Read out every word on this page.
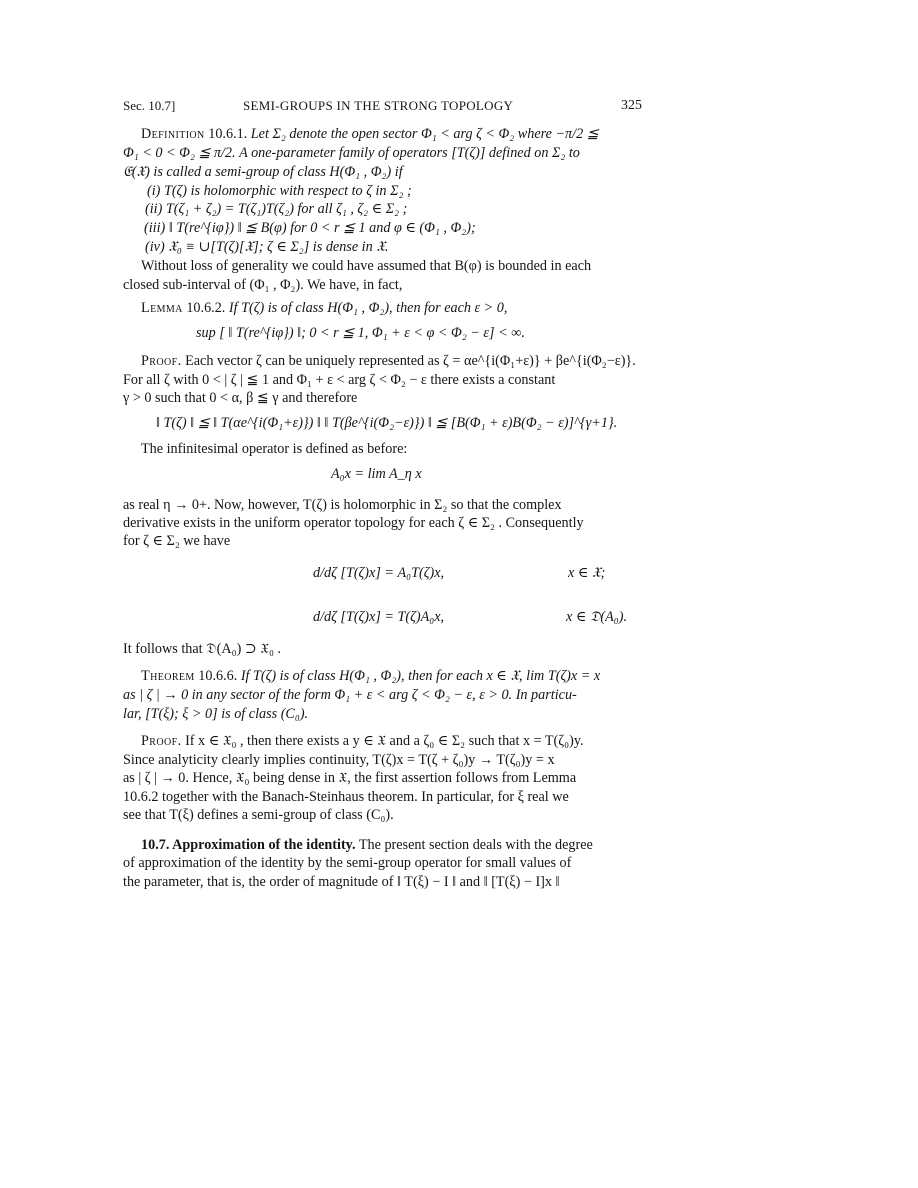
Sec. 10.7]	SEMI-GROUPS IN THE STRONG TOPOLOGY	325
Definition 10.6.1. Let Σ₂ denote the open sector Φ₁ < arg ζ < Φ₂ where −π/2 ≦
Φ₁ < 0 < Φ₂ ≦ π/2. A one-parameter family of operators [T(ζ)] defined on Σ₂ to
𝔈(𝔛) is called a semi-group of class H(Φ₁ , Φ₂) if
(i) T(ζ) is holomorphic with respect to ζ in Σ₂ ;
(ii) T(ζ₁ + ζ₂) = T(ζ₁)T(ζ₂) for all ζ₁ , ζ₂ ∈ Σ₂ ;
(iii) ‖ T(re^{iφ}) ‖ ≦ B(φ) for 0 < r ≦ 1 and φ ∈ (Φ₁ , Φ₂);
(iv) 𝔛₀ ≡ ∪[T(ζ)[𝔛]; ζ ∈ Σ₂] is dense in 𝔛.
Without loss of generality we could have assumed that B(φ) is bounded in each
closed sub-interval of (Φ₁ , Φ₂). We have, in fact,
Lemma 10.6.2. If T(ζ) is of class H(Φ₁ , Φ₂), then for each ε > 0,
sup [ ‖ T(re^{iφ}) ‖; 0 < r ≦ 1, Φ₁ + ε < φ < Φ₂ − ε] < ∞.
Proof. Each vector ζ can be uniquely represented as ζ = αe^{i(Φ₁+ε)} + βe^{i(Φ₂−ε)}.
For all ζ with 0 < | ζ | ≦ 1 and Φ₁ + ε < arg ζ < Φ₂ − ε there exists a constant
γ > 0 such that 0 < α, β ≦ γ and therefore
‖ T(ζ) ‖ ≦ ‖ T(αe^{i(Φ₁+ε)}) ‖ ‖ T(βe^{i(Φ₂−ε)}) ‖ ≦ [B(Φ₁ + ε)B(Φ₂ − ε)]^{γ+1}.
The infinitesimal operator is defined as before:
A₀x = lim A_η x
as real η → 0+. Now, however, T(ζ) is holomorphic in Σ₂ so that the complex
derivative exists in the uniform operator topology for each ζ ∈ Σ₂ . Consequently
for ζ ∈ Σ₂ we have
d/dζ [T(ζ)x] = A₀T(ζ)x,	x ∈ 𝔛;
d/dζ [T(ζ)x] = T(ζ)A₀x,	x ∈ 𝔇(A₀).
It follows that 𝔇(A₀) ⊃ 𝔛₀ .
Theorem 10.6.6. If T(ζ) is of class H(Φ₁ , Φ₂), then for each x ∈ 𝔛, lim T(ζ)x = x
as | ζ | → 0 in any sector of the form Φ₁ + ε < arg ζ < Φ₂ − ε, ε > 0. In particu-
lar, [T(ξ); ξ > 0] is of class (C₀).
Proof. If x ∈ 𝔛₀ , then there exists a y ∈ 𝔛 and a ζ₀ ∈ Σ₂ such that x = T(ζ₀)y.
Since analyticity clearly implies continuity, T(ζ)x = T(ζ + ζ₀)y → T(ζ₀)y = x
as | ζ | → 0. Hence, 𝔛₀ being dense in 𝔛, the first assertion follows from Lemma
10.6.2 together with the Banach-Steinhaus theorem. In particular, for ξ real we
see that T(ξ) defines a semi-group of class (C₀).
10.7. Approximation of the identity. The present section deals with the degree
of approximation of the identity by the semi-group operator for small values of
the parameter, that is, the order of magnitude of ‖ T(ξ) − I ‖ and ‖ [T(ξ) − I]x ‖
